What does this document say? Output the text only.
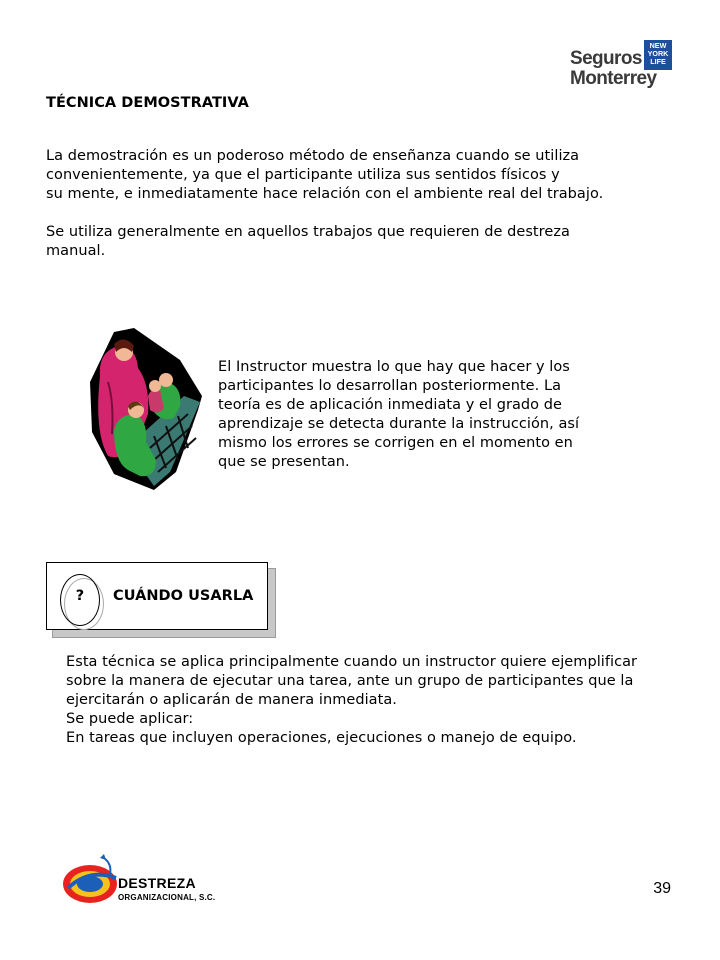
NEW
YORK
LIFE
Seguros
Monterrey
TÉCNICA DEMOSTRATIVA
La demostración es un poderoso método de enseñanza cuando se utiliza
convenientemente, ya que el participante utiliza sus sentidos físicos y
su mente, e inmediatamente hace relación con el ambiente real del trabajo.
Se utiliza generalmente en aquellos trabajos que requieren de destreza
manual.
El Instructor muestra lo que hay que hacer y los
participantes lo desarrollan posteriormente. La
teoría es de aplicación inmediata y el grado de
aprendizaje se detecta durante la instrucción, así
mismo los errores se corrigen en el momento en
que se presentan.
?	CUÁNDO USARLA
Esta técnica se aplica principalmente cuando un instructor quiere ejemplificar
sobre la manera de ejecutar una tarea, ante un grupo de participantes que la
ejercitarán o aplicarán de manera inmediata.
Se puede aplicar:
En tareas que incluyen operaciones, ejecuciones o manejo de equipo.
DESTREZA
ORGANIZACIONAL, S.C.
39
